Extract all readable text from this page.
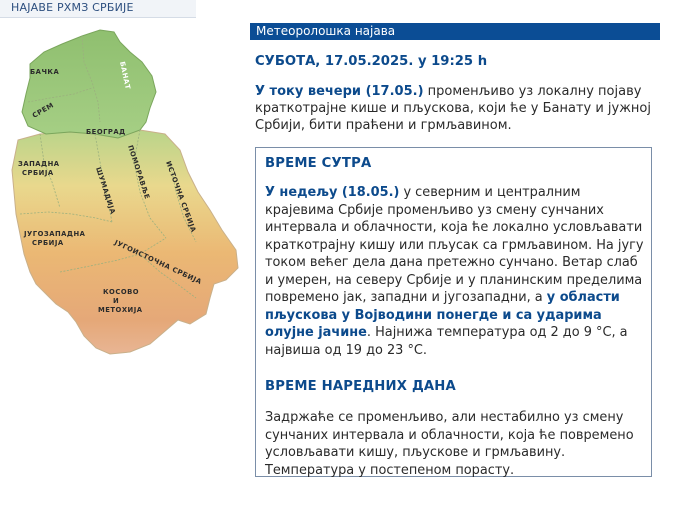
НАЈАВЕ РХМЗ СРБИЈЕ
БАЧКА	БАНАТ
СРЕМ
БЕОГРАД
ЗАПАДНА
СРБИЈА	ШУМАДИЈА ПОМОРАВЉЕ ИСТОЧНА СРБИЈА
ЈУГОЗАПАДНА
СРБИЈА	ЈУГОИСТОЧНА СРБИЈА
КОСОВО
И
МЕТОХИЈА
Метеоролошка најава
СУБОТА, 17.05.2025. у 19:25 h
У току вечери (17.05.) променљиво уз локалну појаву краткотрајне кише и пљускова, који ће у Банату и јужној Србији, бити праћени и грмљавином.
ВРЕМЕ СУТРА

У недељу (18.05.) у северним и централним крајевима Србије променљиво уз смену сунчаних интервала и облачности, која ће локално условљавати краткотрајну кишу или пљусак са грмљавином. На југу током већег дела дана претежно сунчано. Ветар слаб и умерен, на северу Србије и у планинским пределима повремено јак, западни и југозападни, а у области пљускова у Војводини понегде и са ударима олујне јачине. Најнижа температура од 2 до 9 °C, а највиша од 19 до 23 °C.

ВРЕМЕ НАРЕДНИХ ДАНА

Задржаће се променљиво, али нестабилно уз смену сунчаних интервала и облачности, која ће повремено условљавати кишу, пљускове и грмљавину. Температура у постепеном порасту.
